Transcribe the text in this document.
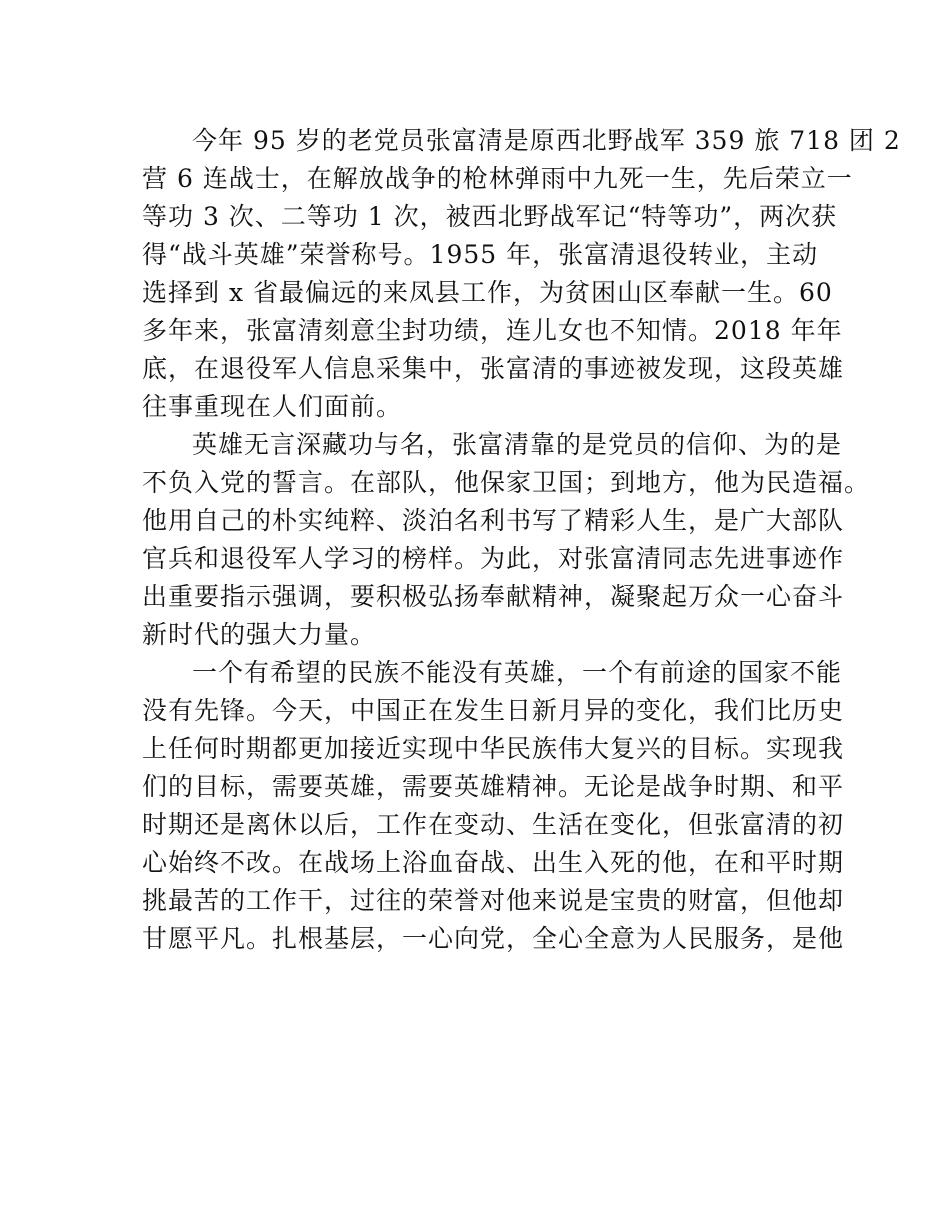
今年 95 岁的老党员张富清是原西北野战军 359 旅 718 团 2
营 6 连战士，在解放战争的枪林弹雨中九死一生，先后荣立一
等功 3 次、二等功 1 次，被西北野战军记“特等功”，两次获
得“战斗英雄”荣誉称号。1955 年，张富清退役转业，主动
选择到 x 省最偏远的来凤县工作，为贫困山区奉献一生。60
多年来，张富清刻意尘封功绩，连儿女也不知情。2018 年年
底，在退役军人信息采集中，张富清的事迹被发现，这段英雄
往事重现在人们面前。
英雄无言深藏功与名，张富清靠的是党员的信仰、为的是
不负入党的誓言。在部队，他保家卫国；到地方，他为民造福。
他用自己的朴实纯粹、淡泊名利书写了精彩人生，是广大部队
官兵和退役军人学习的榜样。为此，对张富清同志先进事迹作
出重要指示强调，要积极弘扬奉献精神，凝聚起万众一心奋斗
新时代的强大力量。
一个有希望的民族不能没有英雄，一个有前途的国家不能
没有先锋。今天，中国正在发生日新月异的变化，我们比历史
上任何时期都更加接近实现中华民族伟大复兴的目标。实现我
们的目标，需要英雄，需要英雄精神。无论是战争时期、和平
时期还是离休以后，工作在变动、生活在变化，但张富清的初
心始终不改。在战场上浴血奋战、出生入死的他，在和平时期
挑最苦的工作干，过往的荣誉对他来说是宝贵的财富，但他却
甘愿平凡。扎根基层，一心向党，全心全意为人民服务，是他
